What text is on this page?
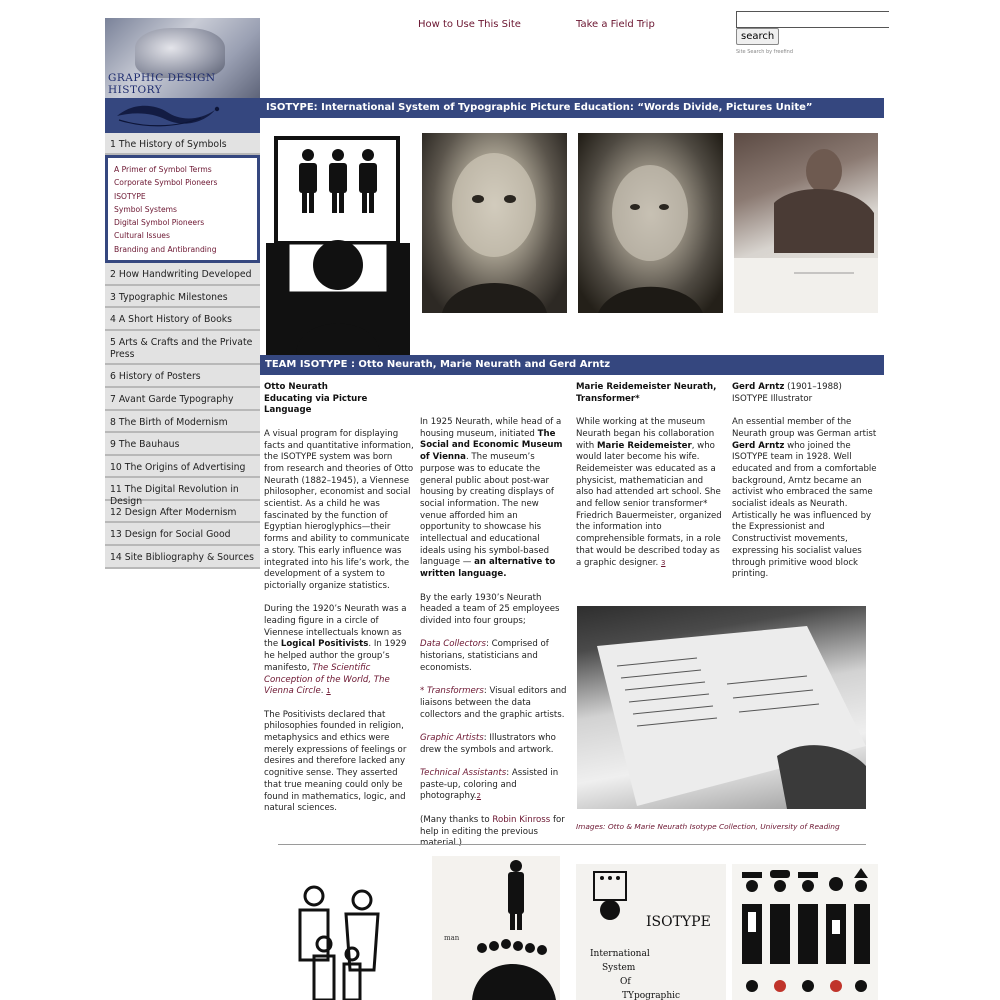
GRAPHIC DESIGN HISTORY
How to Use This Site	Take a Field Trip
search
Site Search by freefind
ISOTYPE: International System of Typographic Picture Education: “Words Divide, Pictures Unite”
1 The History of Symbols
A Primer of Symbol Terms
Corporate Symbol Pioneers
ISOTYPE
Symbol Systems
Digital Symbol Pioneers
Cultural Issues
Branding and Antibranding
2 How Handwriting Developed
3 Typographic Milestones
4 A Short History of Books
5 Arts & Crafts and the Private Press
6 History of Posters
7 Avant Garde Typography
8 The Birth of Modernism
9 The Bauhaus
10 The Origins of Advertising
11 The Digital Revolution in Design
12 Design After Modernism
13 Design for Social Good
14 Site Bibliography & Sources
TEAM ISOTYPE : Otto Neurath, Marie Neurath and Gerd Arntz

Otto Neurath
Educating via Picture Language

A visual program for displaying facts and quantitative information, the ISOTYPE system was born from research and theories of Otto Neurath (1882–1945), a Viennese philosopher, economist and social scientist. As a child he was fascinated by the function of Egyptian hieroglyphics—their forms and ability to communicate a story. This early influence was integrated into his life’s work, the development of a system to pictorially organize statistics.

During the 1920’s Neurath was a leading figure in a circle of Viennese intellectuals known as the Logical Positivists. In 1929 he helped author the group’s manifesto, The Scientific Conception of the World, The Vienna Circle. 1

The Positivists declared that philosophies founded in religion, metaphysics and ethics were merely expressions of feelings or desires and therefore lacked any cognitive sense. They asserted that true meaning could only be found in mathematics, logic, and natural sciences.

In 1925 Neurath, while head of a housing museum, initiated The Social and Economic Museum of Vienna. The museum’s purpose was to educate the general public about post-war housing by creating displays of social information. The new venue afforded him an opportunity to showcase his intellectual and educational ideals using his symbol-based language — an alternative to written language.

By the early 1930’s Neurath headed a team of 25 employees divided into four groups;

Data Collectors: Comprised of historians, statisticians and economists.

* Transformers: Visual editors and liaisons between the data collectors and the graphic artists.

Graphic Artists: Illustrators who drew the symbols and artwork.

Technical Assistants: Assisted in paste-up, coloring and photography.2

(Many thanks to Robin Kinross for help in editing the previous

Marie Reidemeister Neurath, Transformer*

While working at the museum Neurath began his collaboration with Marie Reidemeister, who would later become his wife. Reidemeister was educated as a physicist, mathematician and also had attended art school. She and fellow senior transformer* Friedrich Bauermeister, organized the information into comprehensible formats, in a role that would be described today as a graphic designer. 3

Gerd Arntz (1901–1988)
ISOTYPE Illustrator

An essential member of the Neurath group was German artist Gerd Arntz who joined the ISOTYPE team in 1928. Well educated and from a comfortable background, Arntz became an activist who embraced the same socialist ideals as Neurath. Artistically he was influenced by the Expressionist and Constructivist movements, expressing his socialist values through primitive wood block printing.

Images: Otto & Marie Neurath Isotype Collection, University of Reading
man
ISOTYPE
International
System
Of
TYpographic
